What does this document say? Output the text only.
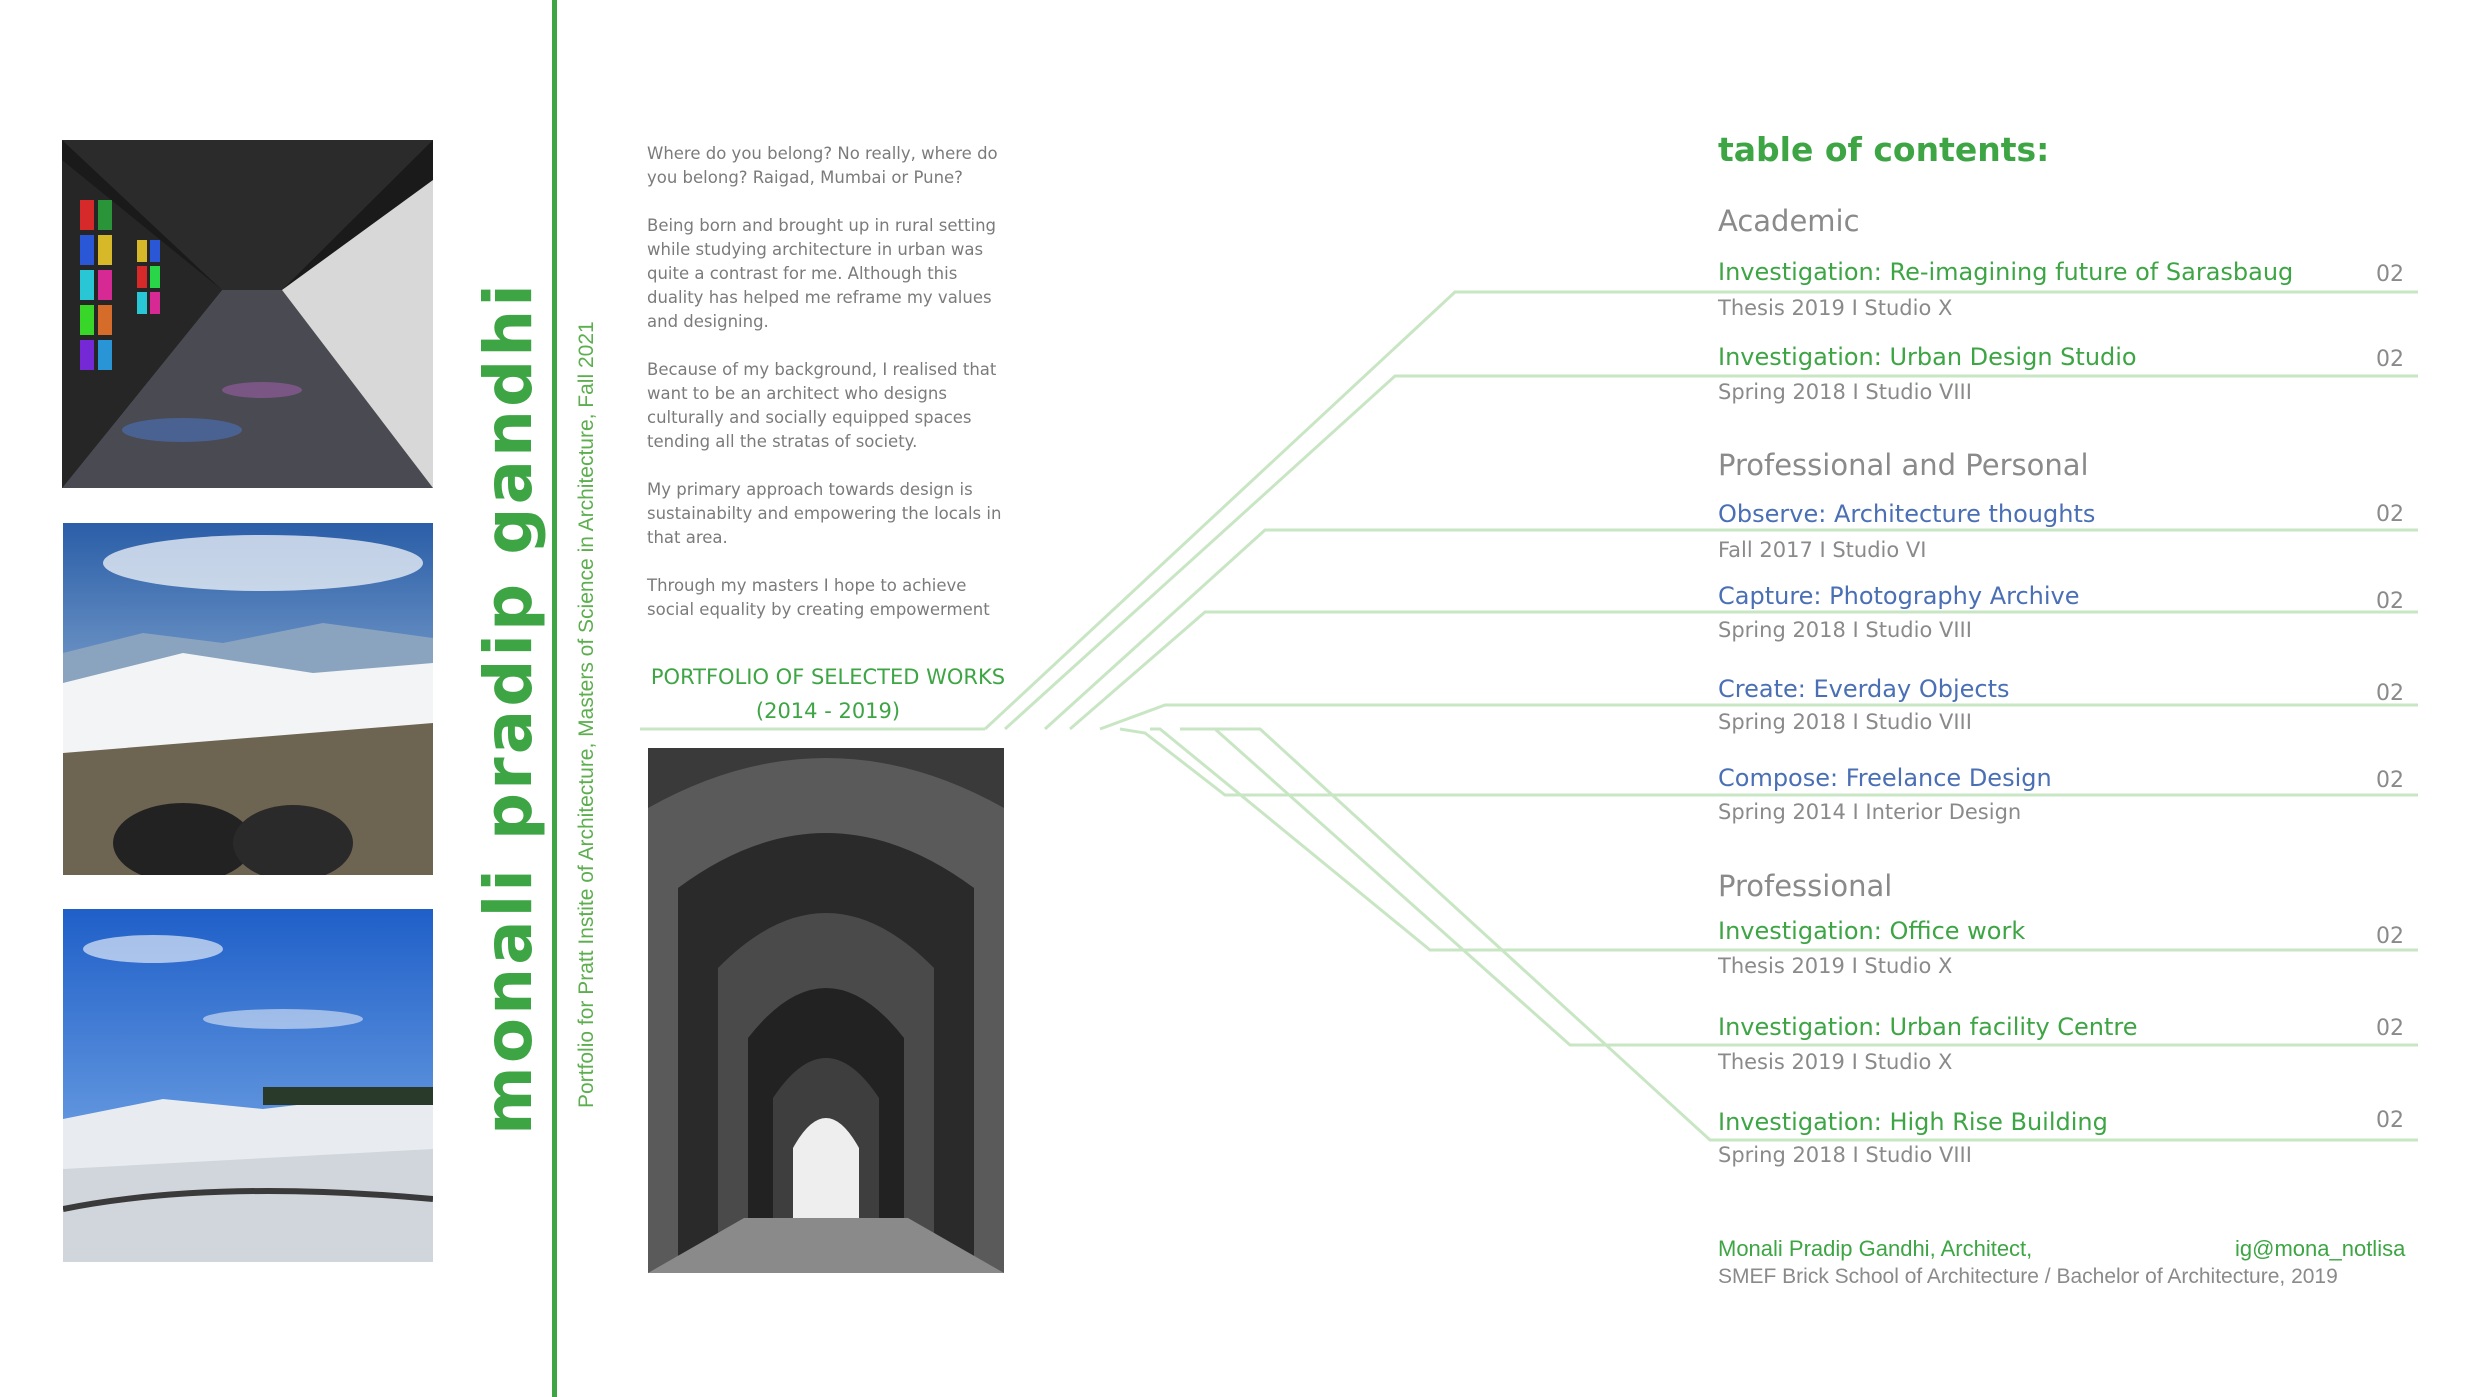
monali pradip gandhi Portfolio for Pratt Instite of Architecture, Masters of Science in Architecture, Fall 2021

Where do you belong? No really, where do you belong? Raigad, Mumbai or Pune?

Being born and brought up in rural setting while studying architecture in urban was quite a contrast for me. Although this duality has helped me reframe my values and designing.

Because of my background, I realised that want to be an architect who designs culturally and socially equipped spaces tending all the stratas of society.

My primary approach towards design is sustainabilty and empowering the locals in that area.

Through my masters I hope to achieve social equality by creating empowerment

PORTFOLIO OF SELECTED WORKS
(2014 - 2019)
table of contents:
Academic
Investigation: Re-imagining future of Sarasbaug	02
Thesis 2019 I Studio X
Investigation: Urban Design Studio	02
Spring 2018 I Studio VIII
Professional and Personal
Observe: Architecture thoughts	02
Fall 2017 I Studio VI
Capture: Photography Archive	02
Spring 2018 I Studio VIII
Create: Everday Objects	02
Spring 2018 I Studio VIII
Compose: Freelance Design	02
Spring 2014 I Interior Design
Professional
Investigation: Office work	02
Thesis 2019 I Studio X
Investigation: Urban facility Centre	02
Thesis 2019 I Studio X
Investigation: High Rise Building	02
Spring 2018 I Studio VIII
Monali Pradip Gandhi, Architect,	ig@mona_notlisa
SMEF Brick School of Architecture / Bachelor of Architecture, 2019
